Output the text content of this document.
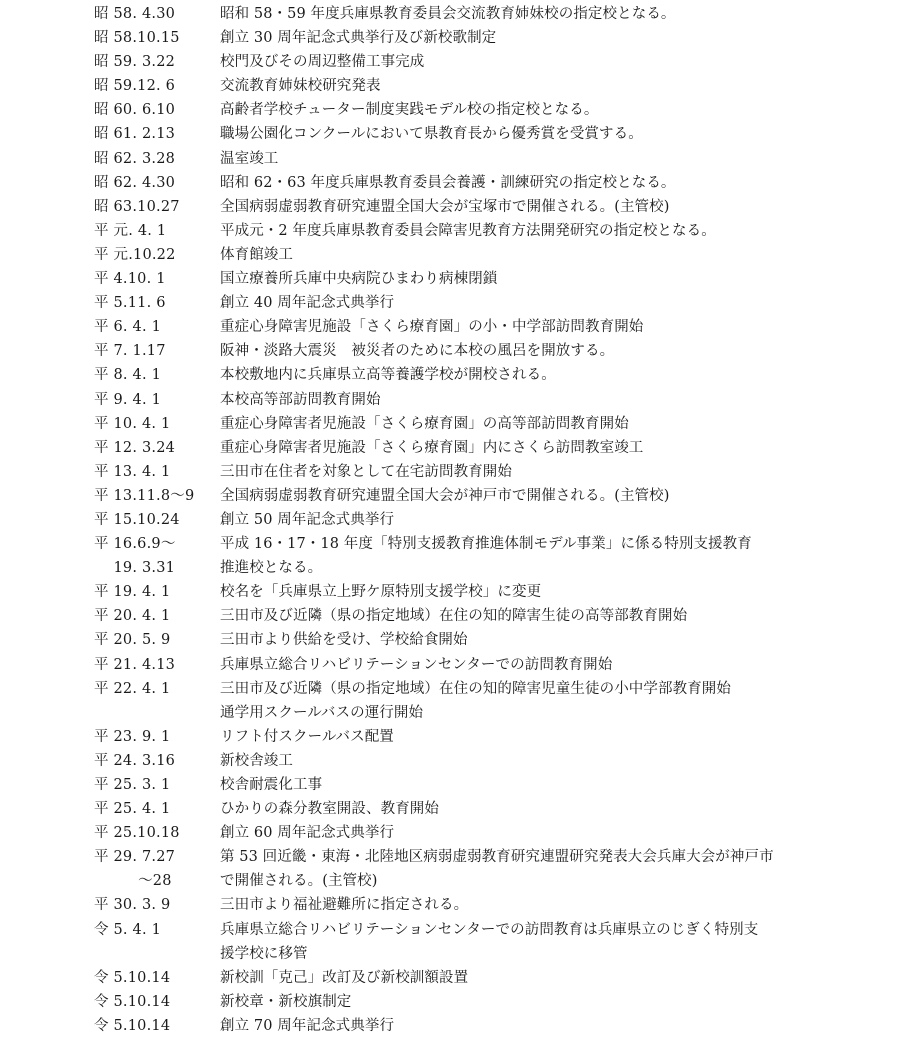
昭 58. 4.30	昭和 58・59 年度兵庫県教育委員会交流教育姉妹校の指定校となる。
昭 58.10.15	創立 30 周年記念式典挙行及び新校歌制定
昭 59. 3.22	校門及びその周辺整備工事完成
昭 59.12. 6	交流教育姉妹校研究発表
昭 60. 6.10	高齢者学校チューター制度実践モデル校の指定校となる。
昭 61. 2.13	職場公園化コンクールにおいて県教育長から優秀賞を受賞する。
昭 62. 3.28	温室竣工
昭 62. 4.30	昭和 62・63 年度兵庫県教育委員会養護・訓練研究の指定校となる。
昭 63.10.27	全国病弱虚弱教育研究連盟全国大会が宝塚市で開催される。(主管校)
平 元. 4. 1	平成元・2 年度兵庫県教育委員会障害児教育方法開発研究の指定校となる。
平 元.10.22	体育館竣工
平 4.10. 1	国立療養所兵庫中央病院ひまわり病棟閉鎖
平 5.11. 6	創立 40 周年記念式典挙行
平 6. 4. 1	重症心身障害児施設「さくら療育園」の小・中学部訪問教育開始
平 7. 1.17	阪神・淡路大震災　被災者のために本校の風呂を開放する。
平 8. 4. 1	本校敷地内に兵庫県立高等養護学校が開校される。
平 9. 4. 1	本校高等部訪問教育開始
平 10. 4. 1	重症心身障害者児施設「さくら療育園」の高等部訪問教育開始
平 12. 3.24	重症心身障害者児施設「さくら療育園」内にさくら訪問教室竣工
平 13. 4. 1	三田市在住者を対象として在宅訪問教育開始
平 13.11.8〜9	全国病弱虚弱教育研究連盟全国大会が神戸市で開催される。(主管校)
平 15.10.24	創立 50 周年記念式典挙行
平 16.6.9〜	平成 16・17・18 年度「特別支援教育推進体制モデル事業」に係る特別支援教育
　 19. 3.31	推進校となる。
平 19. 4. 1	校名を「兵庫県立上野ケ原特別支援学校」に変更
平 20. 4. 1	三田市及び近隣（県の指定地域）在住の知的障害生徒の高等部教育開始
平 20. 5. 9	三田市より供給を受け、学校給食開始
平 21. 4.13	兵庫県立総合リハビリテーションセンターでの訪問教育開始
平 22. 4. 1	三田市及び近隣（県の指定地域）在住の知的障害児童生徒の小中学部教育開始
通学用スクールバスの運行開始
平 23. 9. 1	リフト付スクールバス配置
平 24. 3.16	新校舎竣工
平 25. 3. 1	校舎耐震化工事
平 25. 4. 1	ひかりの森分教室開設、教育開始
平 25.10.18	創立 60 周年記念式典挙行
平 29. 7.27	第 53 回近畿・東海・北陸地区病弱虚弱教育研究連盟研究発表大会兵庫大会が神戸市
　　　〜28	で開催される。(主管校)
平 30. 3. 9	三田市より福祉避難所に指定される。
令 5. 4. 1	兵庫県立総合リハビリテーションセンターでの訪問教育は兵庫県立のじぎく特別支
援学校に移管
令 5.10.14	新校訓「克己」改訂及び新校訓額設置
令 5.10.14	新校章・新校旗制定
令 5.10.14	創立 70 周年記念式典挙行
